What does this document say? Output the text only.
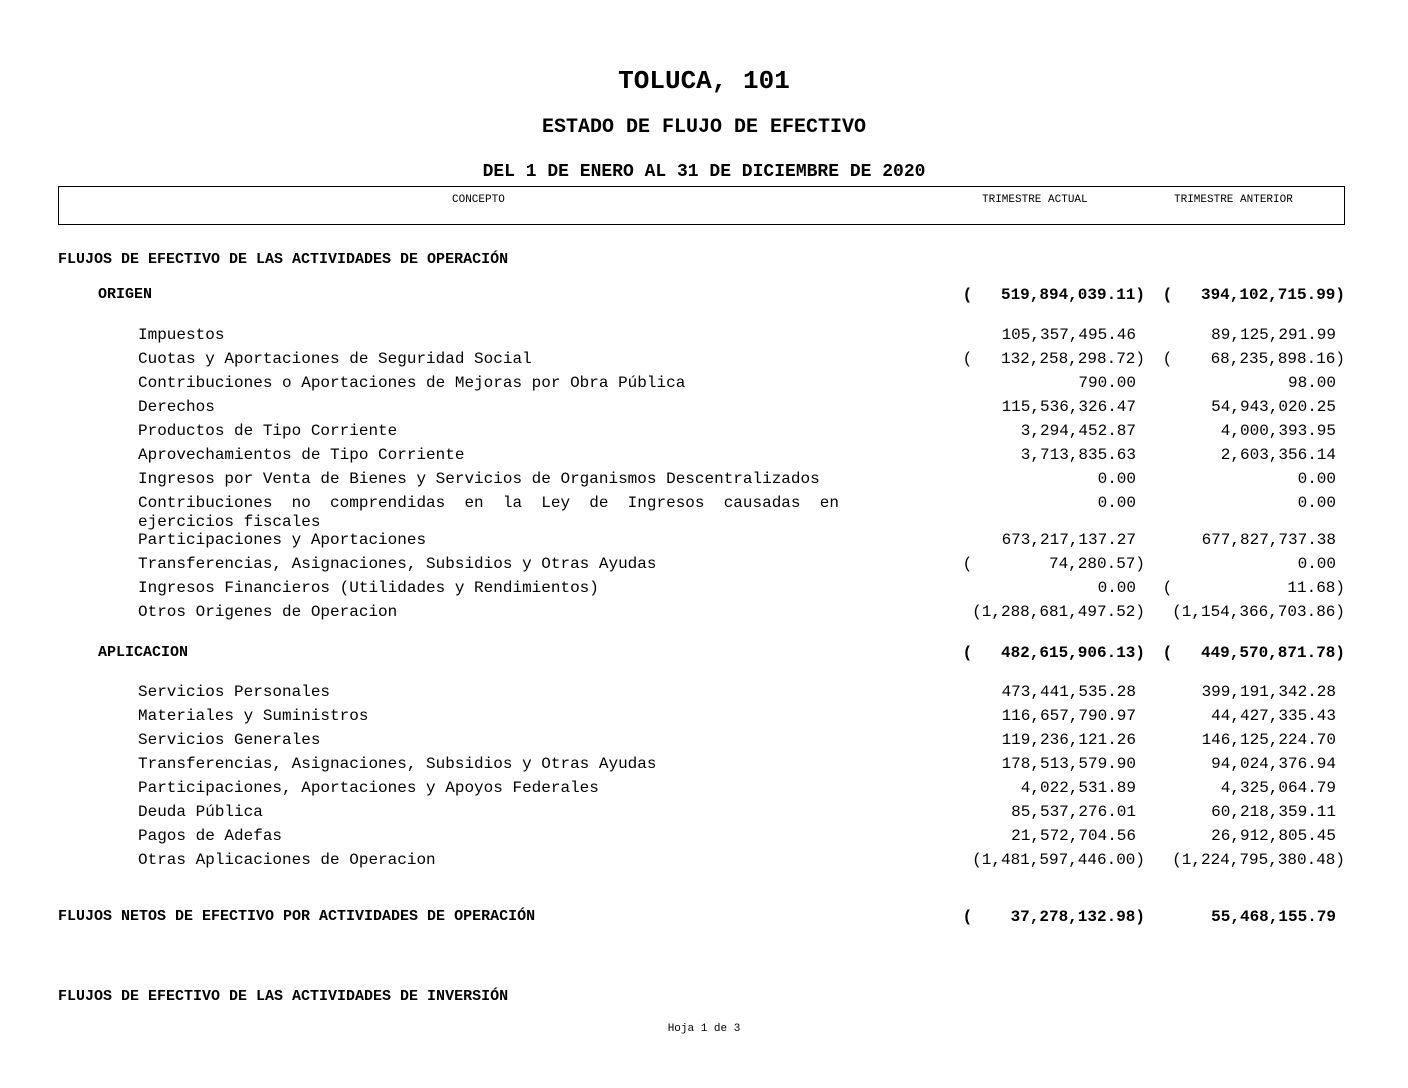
TOLUCA, 101
ESTADO DE FLUJO DE EFECTIVO
DEL 1 DE ENERO AL 31 DE DICIEMBRE DE 2020
CONCEPTO	TRIMESTRE ACTUAL	TRIMESTRE ANTERIOR
FLUJOS DE EFECTIVO DE LAS ACTIVIDADES DE OPERACIÓN
ORIGEN	(   519,894,039.11) (   394,102,715.99)
Impuestos	105,357,495.46	89,125,291.99
Cuotas y Aportaciones de Seguridad Social	(   132,258,298.72) (    68,235,898.16)
Contribuciones o Aportaciones de Mejoras por Obra Pública	790.00	98.00
Derechos	115,536,326.47	54,943,020.25
Productos de Tipo Corriente	3,294,452.87	4,000,393.95
Aprovechamientos de Tipo Corriente	3,713,835.63	2,603,356.14
Ingresos por Venta de Bienes y Servicios de Organismos Descentralizados	0.00	0.00
Contribuciones  no  comprendidas  en  la  Ley  de  Ingresos  causadas  en
ejercicios fiscales
0.00	0.00
Participaciones y Aportaciones	673,217,137.27	677,827,737.38
Transferencias, Asignaciones, Subsidios y Otras Ayudas	(        74,280.57)	0.00
Ingresos Financieros (Utilidades y Rendimientos)	0.00 (            11.68)
Otros Origenes de Operacion	(1,288,681,497.52) (1,154,366,703.86)
APLICACION	(   482,615,906.13) (   449,570,871.78)
Servicios Personales	473,441,535.28	399,191,342.28
Materiales y Suministros	116,657,790.97	44,427,335.43
Servicios Generales	119,236,121.26	146,125,224.70
Transferencias, Asignaciones, Subsidios y Otras Ayudas	178,513,579.90	94,024,376.94
Participaciones, Aportaciones y Apoyos Federales	4,022,531.89	4,325,064.79
Deuda Pública	85,537,276.01	60,218,359.11
Pagos de Adefas	21,572,704.56	26,912,805.45
Otras Aplicaciones de Operacion	(1,481,597,446.00) (1,224,795,380.48)
FLUJOS NETOS DE EFECTIVO POR ACTIVIDADES DE OPERACIÓN	(    37,278,132.98)	55,468,155.79
FLUJOS DE EFECTIVO DE LAS ACTIVIDADES DE INVERSIÓN
Hoja 1 de 3
